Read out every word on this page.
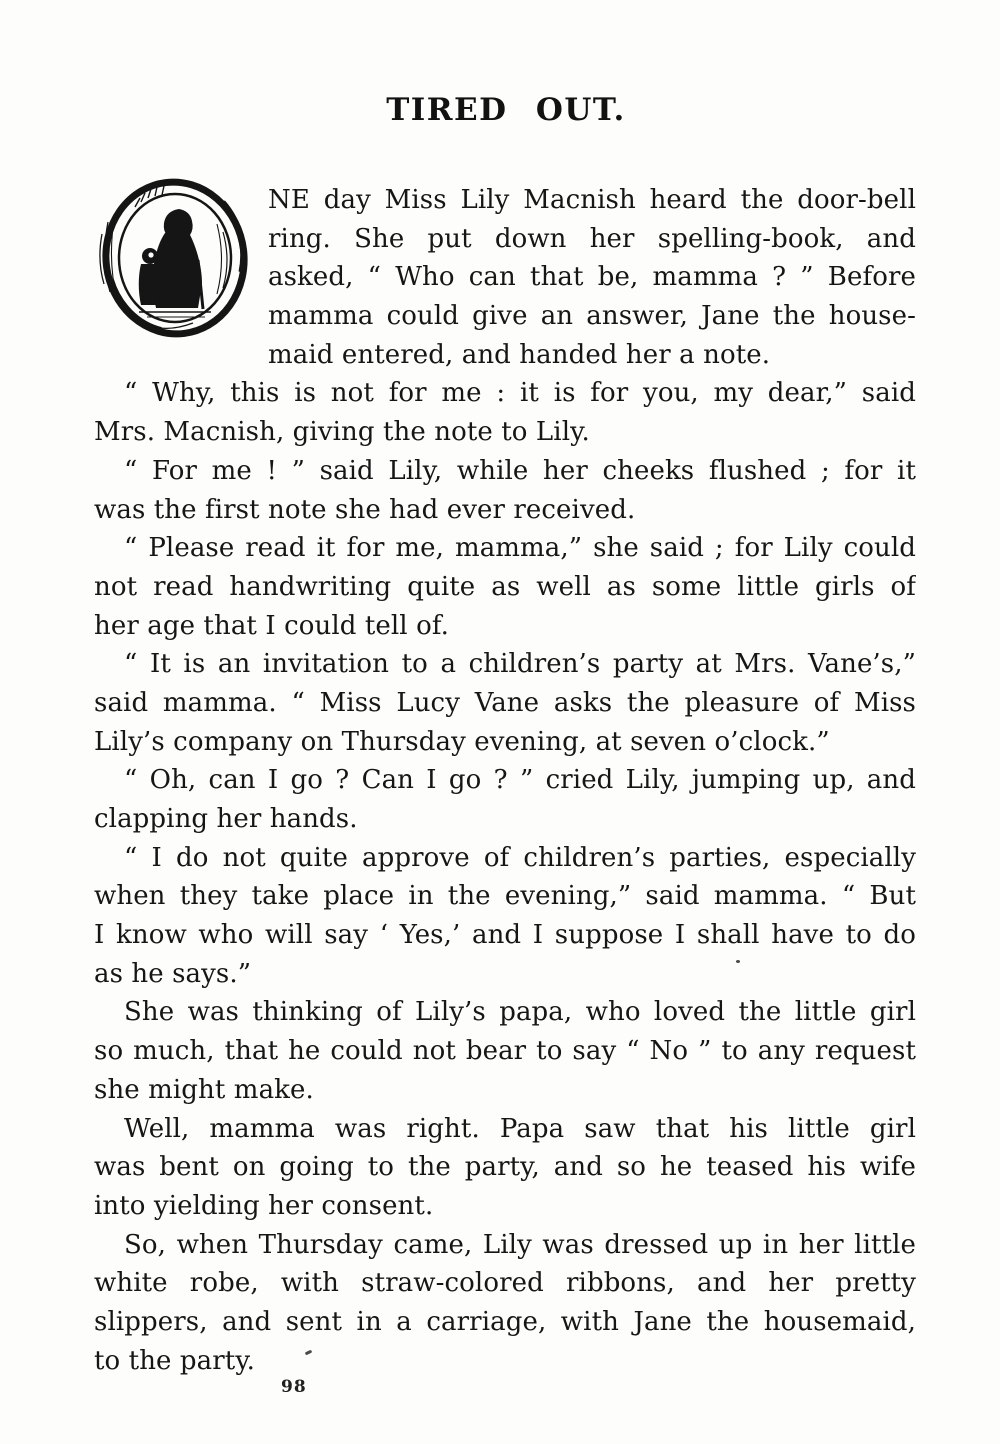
TIRED OUT.

NE day Miss Lily Macnish heard the door-bell
ring. She put down her spelling-book, and
asked, “ Who can that be, mamma ? ” Before
mamma could give an answer, Jane the house-
maid entered, and handed her a note.

“ Why, this is not for me : it is for you, my dear,” said
Mrs. Macnish, giving the note to Lily.

“ For me ! ” said Lily, while her cheeks flushed ; for it
was the first note she had ever received.

“ Please read it for me, mamma,” she said ; for Lily could
not read handwriting quite as well as some little girls of
her age that I could tell of.

“ It is an invitation to a children’s party at Mrs. Vane’s,”
said mamma. “ Miss Lucy Vane asks the pleasure of Miss
Lily’s company on Thursday evening, at seven o’clock.”

“ Oh, can I go ? Can I go ? ” cried Lily, jumping up, and
clapping her hands.

“ I do not quite approve of children’s parties, especially
when they take place in the evening,” said mamma. “ But
I know who will say ‘ Yes,’ and I suppose I shall have to do
as he says.”

She was thinking of Lily’s papa, who loved the little girl
so much, that he could not bear to say “ No ” to any request
she might make.

Well, mamma was right. Papa saw that his little girl
was bent on going to the party, and so he teased his wife
into yielding her consent.

So, when Thursday came, Lily was dressed up in her little
white robe, with straw-colored ribbons, and her pretty
slippers, and sent in a carriage, with Jane the housemaid,
to the party.

98
